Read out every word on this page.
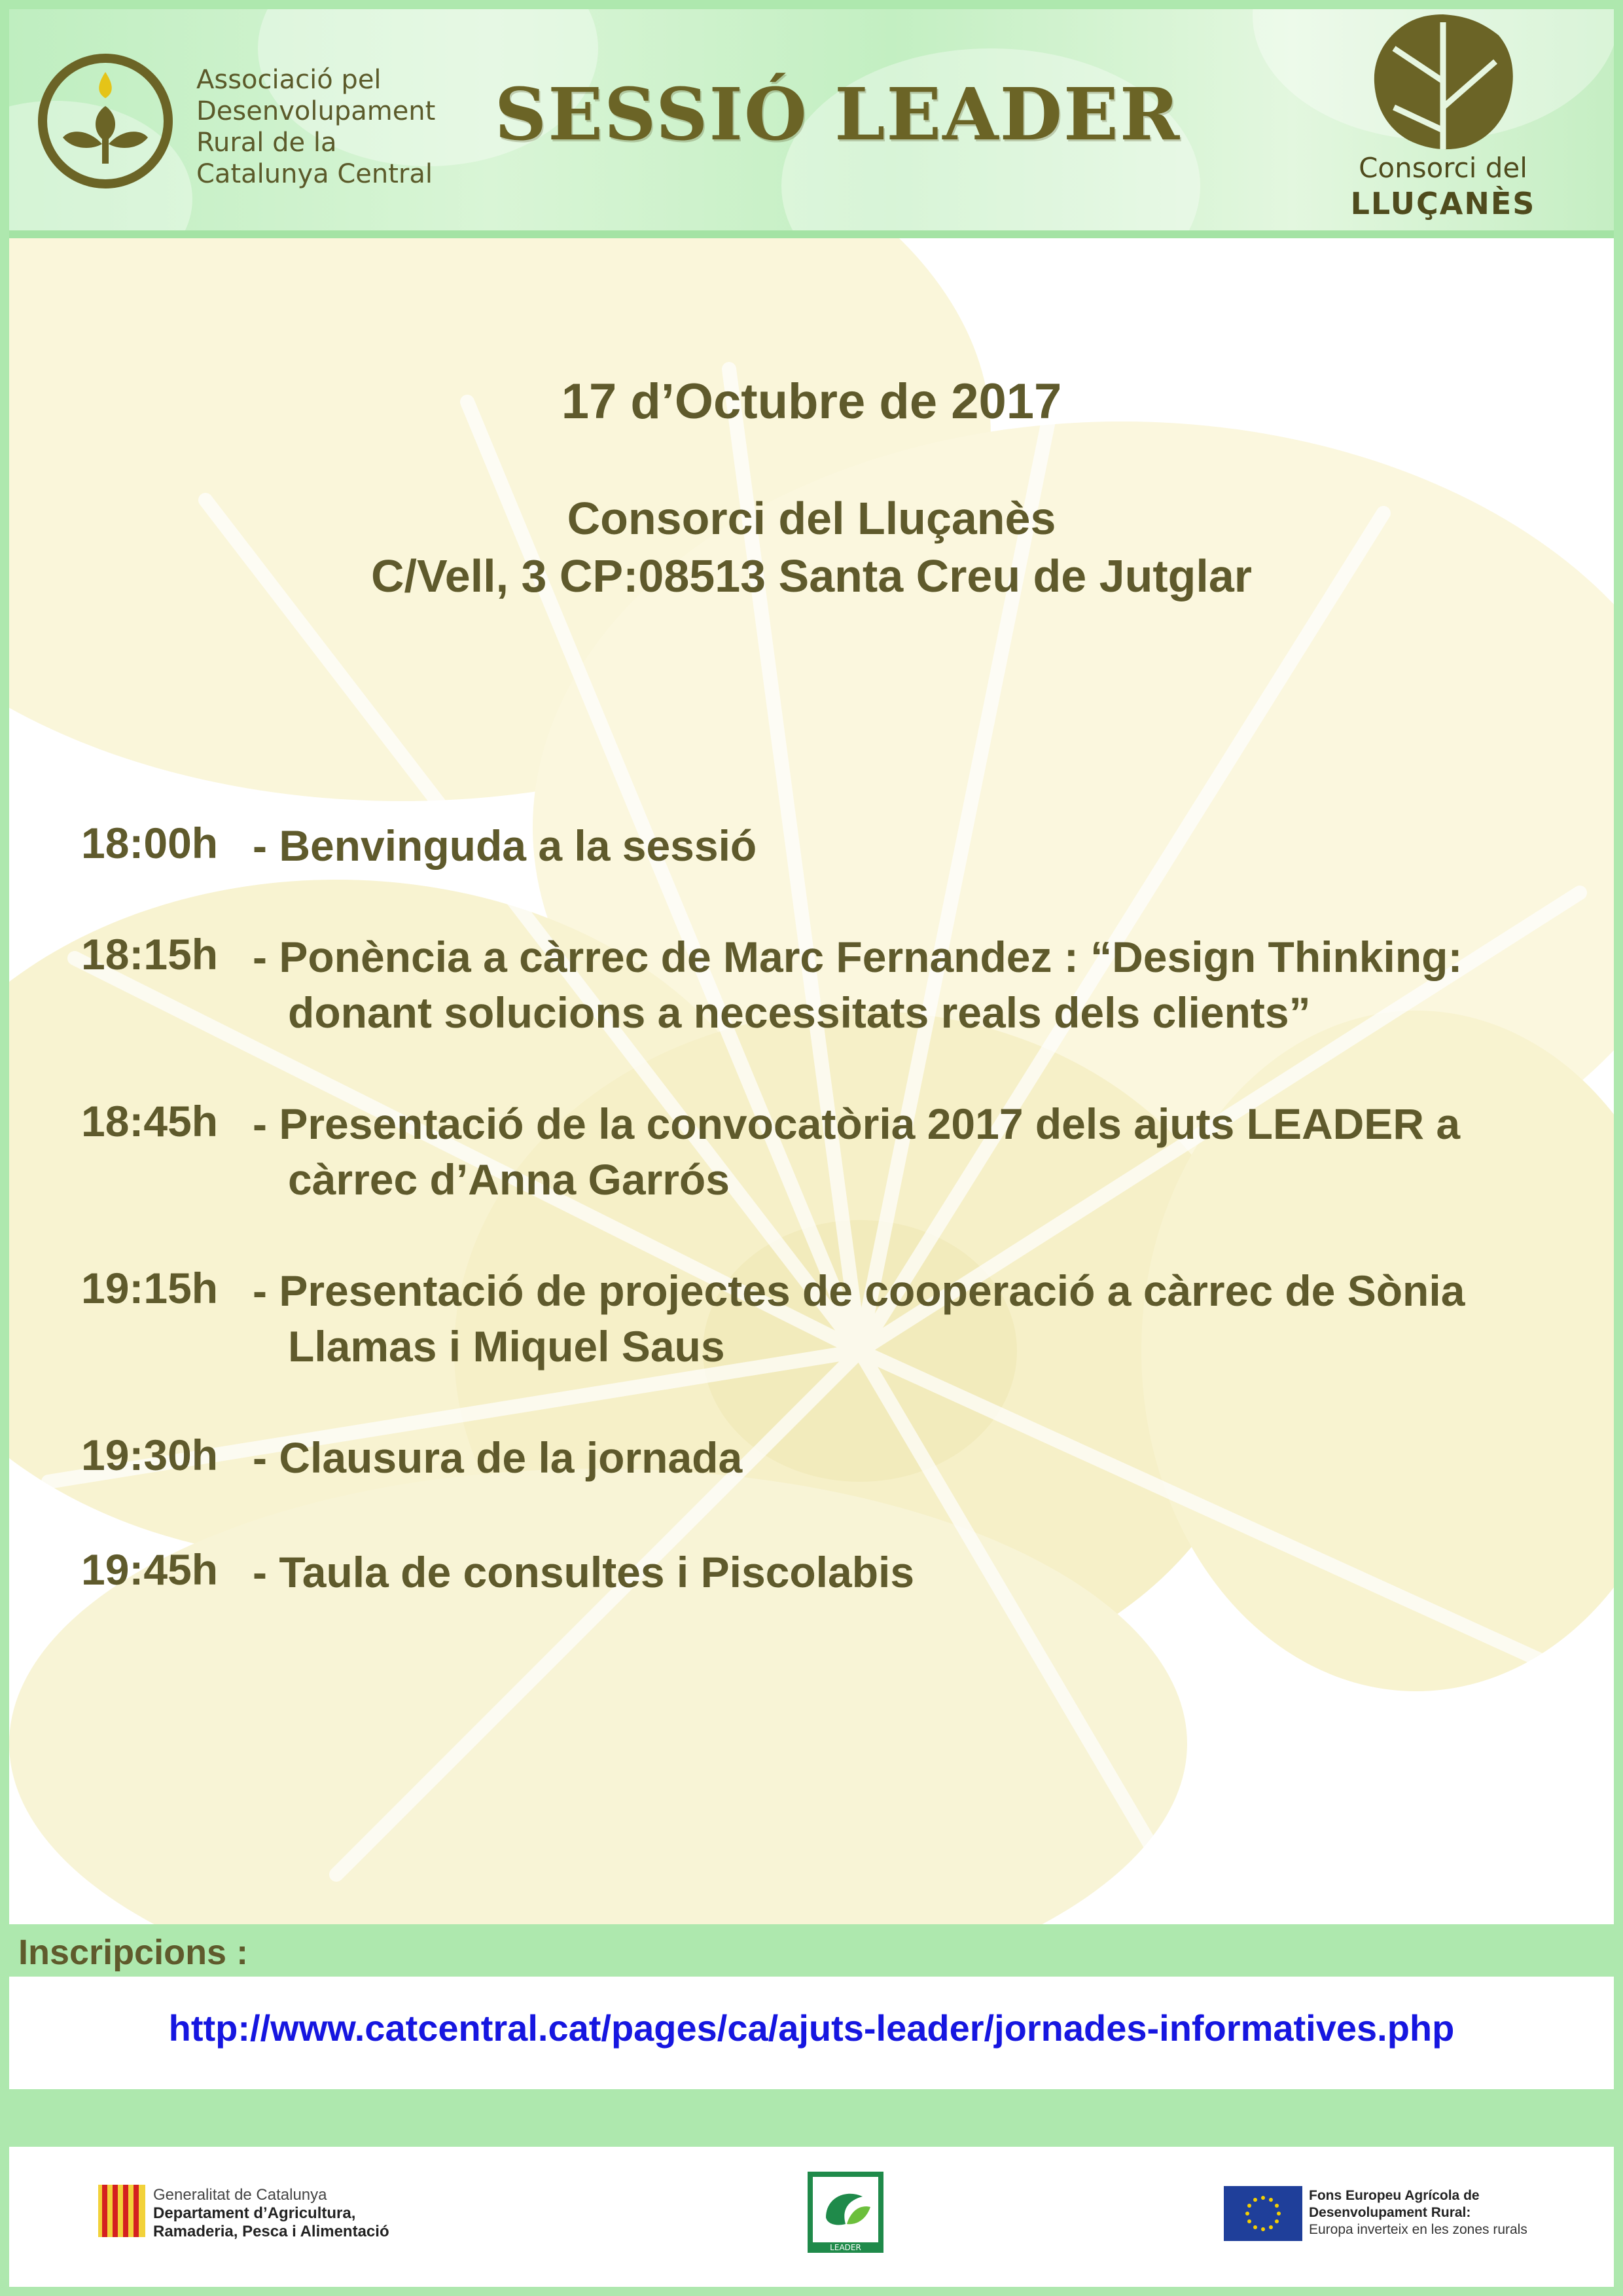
Associació pel
Desenvolupament
Rural de la
Catalunya Central
SESSIÓ LEADER
Consorci del
LLUÇANÈS
17 d’Octubre de 2017
Consorci del Lluçanès
C/Vell, 3 CP:08513 Santa Creu de Jutglar
18:00h - Benvinguda a la sessió
18:15h - Ponència a càrrec de Marc Fernandez : “Design Thinking:
donant solucions a necessitats reals dels clients”
18:45h - Presentació de la convocatòria 2017 dels ajuts LEADER a
càrrec d’Anna Garrós
19:15h - Presentació de projectes de cooperació a càrrec de Sònia
Llamas i Miquel Saus
19:30h - Clausura de la jornada
19:45h - Taula de consultes i Piscolabis
Inscripcions :
http://www.catcentral.cat/pages/ca/ajuts-leader/jornades-informatives.php
Generalitat de Catalunya
Departament d’Agricultura,
Ramaderia, Pesca i Alimentació
LEADER
Fons Europeu Agrícola de
Desenvolupament Rural:
Europa inverteix en les zones rurals
